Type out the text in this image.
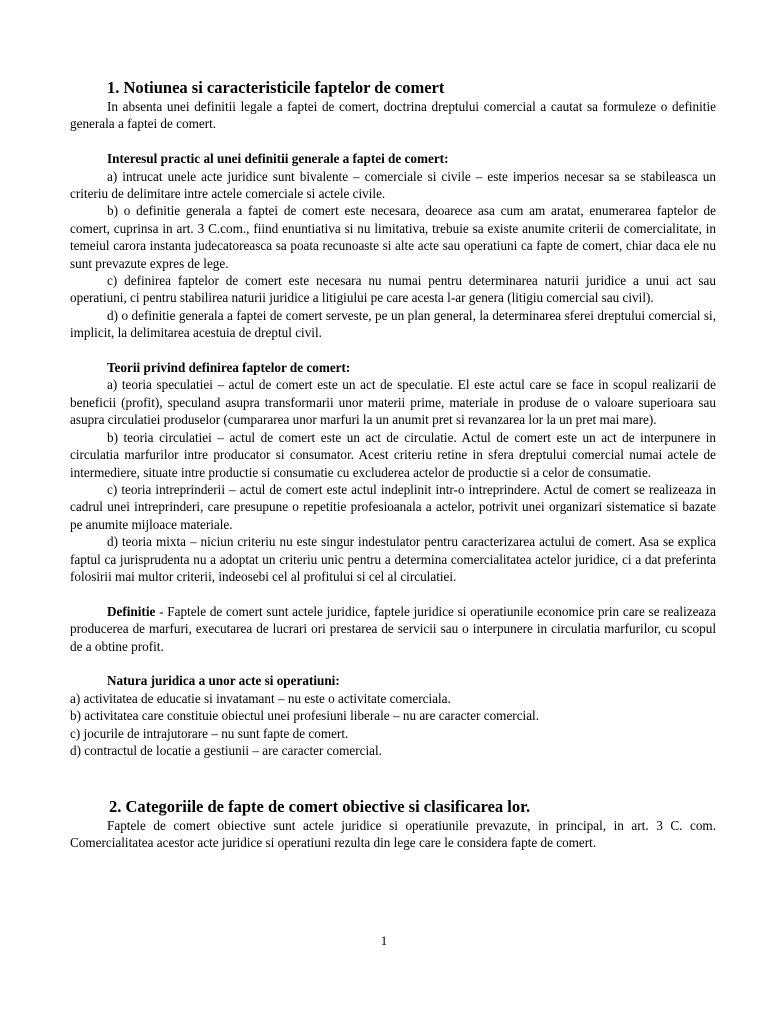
1. Notiunea si caracteristicile faptelor de comert

In absenta unei definitii legale a faptei de comert, doctrina dreptului comercial a cautat sa formuleze o definitie generala a faptei de comert.

Interesul practic al unei definitii generale a faptei de comert:

a) intrucat unele acte juridice sunt bivalente – comerciale si civile – este imperios necesar sa se stabileasca un criteriu de delimitare intre actele comerciale si actele civile.

b) o definitie generala a faptei de comert este necesara, deoarece asa cum am aratat, enumerarea faptelor de comert, cuprinsa in art. 3 C.com., fiind enuntiativa si nu limitativa, trebuie sa existe anumite criterii de comercialitate, in temeiul carora instanta judecatoreasca sa poata recunoaste si alte acte sau operatiuni ca fapte de comert, chiar daca ele nu sunt prevazute expres de lege.

c) definirea faptelor de comert este necesara nu numai pentru determinarea naturii juridice a unui act sau operatiuni, ci pentru stabilirea naturii juridice a litigiului pe care acesta l-ar genera (litigiu comercial sau civil).

d) o definitie generala a faptei de comert serveste, pe un plan general, la determinarea sferei dreptului comercial si, implicit, la delimitarea acestuia de dreptul civil.

Teorii privind definirea faptelor de comert:

a) teoria speculatiei – actul de comert este un act de speculatie. El este actul care se face in scopul realizarii de beneficii (profit), speculand asupra transformarii unor materii prime, materiale in produse de o valoare superioara sau asupra circulatiei produselor (cumpararea unor marfuri la un anumit pret si revanzarea lor la un pret mai mare).

b) teoria circulatiei – actul de comert este un act de circulatie. Actul de comert este un act de interpunere in circulatia marfurilor intre producator si consumator. Acest criteriu retine in sfera dreptului comercial numai actele de intermediere, situate intre productie si consumatie cu excluderea actelor de productie si a celor de consumatie.

c) teoria intreprinderii – actul de comert este actul indeplinit intr-o intreprindere. Actul de comert se realizeaza in cadrul unei intreprinderi, care presupune o repetitie profesioanala a actelor, potrivit unei organizari sistematice si bazate pe anumite mijloace materiale.

d) teoria mixta – niciun criteriu nu este singur indestulator pentru caracterizarea actului de comert. Asa se explica faptul ca jurisprudenta nu a adoptat un criteriu unic pentru a determina comercialitatea actelor juridice, ci a dat preferinta folosirii mai multor criterii, indeosebi cel al profitului si cel al circulatiei.

Definitie - Faptele de comert sunt actele juridice, faptele juridice si operatiunile economice prin care se realizeaza producerea de marfuri, executarea de lucrari ori prestarea de servicii sau o interpunere in circulatia marfurilor, cu scopul de a obtine profit.

Natura juridica a unor acte si operatiuni:

a) activitatea de educatie si invatamant – nu este o activitate comerciala.

b) activitatea care constituie obiectul unei profesiuni liberale – nu are caracter comercial.

c) jocurile de intrajutorare – nu sunt fapte de comert.

d) contractul de locatie a gestiunii – are caracter comercial.

2. Categoriile de fapte de comert obiective si clasificarea lor.

Faptele de comert obiective sunt actele juridice si operatiunile prevazute, in principal, in art. 3 C. com. Comercialitatea acestor acte juridice si operatiuni rezulta din lege care le considera fapte de comert.

1
